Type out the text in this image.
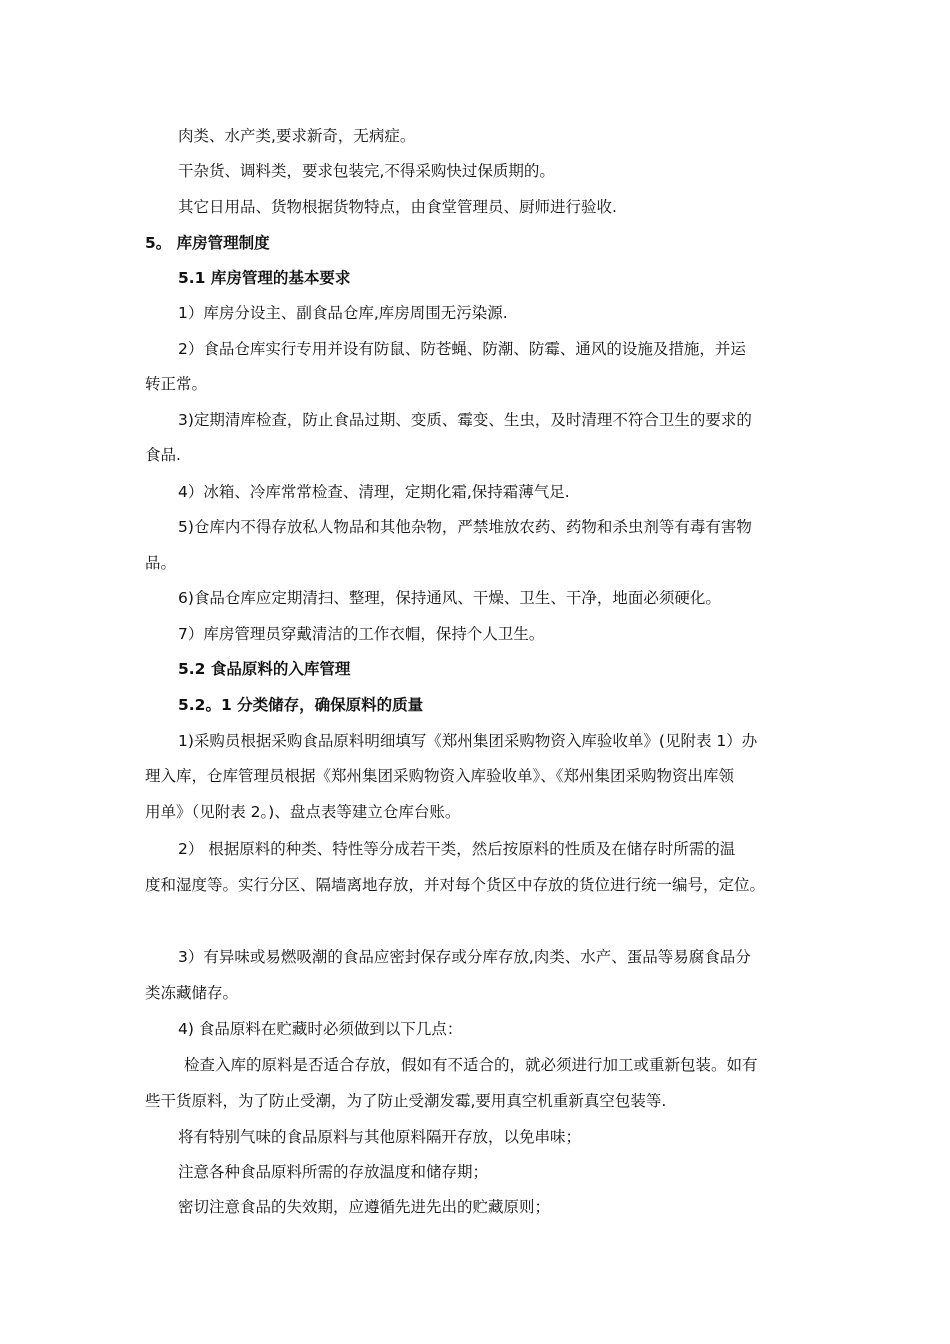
肉类、水产类,要求新奇，无病症。
干杂货、调料类，要求包装完,不得采购快过保质期的。
其它日用品、货物根据货物特点，由食堂管理员、厨师进行验收.
5。 库房管理制度
5.1 库房管理的基本要求
1）库房分设主、副食品仓库,库房周围无污染源.
2）食品仓库实行专用并设有防鼠、防苍蝇、防潮、防霉、通风的设施及措施，并运
转正常。
3)定期清库检查，防止食品过期、变质、霉变、生虫，及时清理不符合卫生的要求的
食品.
4）冰箱、冷库常常检查、清理，定期化霜,保持霜薄气足.
5)仓库内不得存放私人物品和其他杂物，严禁堆放农药、药物和杀虫剂等有毒有害物
品。
6)食品仓库应定期清扫、整理，保持通风、干燥、卫生、干净，地面必须硬化。
7）库房管理员穿戴清洁的工作衣帽，保持个人卫生。
5.2 食品原料的入库管理
5.2。1 分类储存，确保原料的质量
1)采购员根据采购食品原料明细填写《郑州集团采购物资入库验收单》(见附表 1）办
理入库，仓库管理员根据《郑州集团采购物资入库验收单》、《郑州集团采购物资出库领
用单》（见附表 2。)、盘点表等建立仓库台账。
2） 根据原料的种类、特性等分成若干类，然后按原料的性质及在储存时所需的温
度和湿度等。实行分区、隔墙离地存放，并对每个货区中存放的货位进行统一编号，定位。
3）有异味或易燃吸潮的食品应密封保存或分库存放,肉类、水产、蛋品等易腐食品分
类冻藏储存。
4) 食品原料在贮藏时必须做到以下几点：
检查入库的原料是否适合存放，假如有不适合的，就必须进行加工或重新包装。如有
些干货原料，为了防止受潮，为了防止受潮发霉,要用真空机重新真空包装等.
将有特别气味的食品原料与其他原料隔开存放，以免串味；
注意各种食品原料所需的存放温度和储存期；
密切注意食品的失效期，应遵循先进先出的贮藏原则；
